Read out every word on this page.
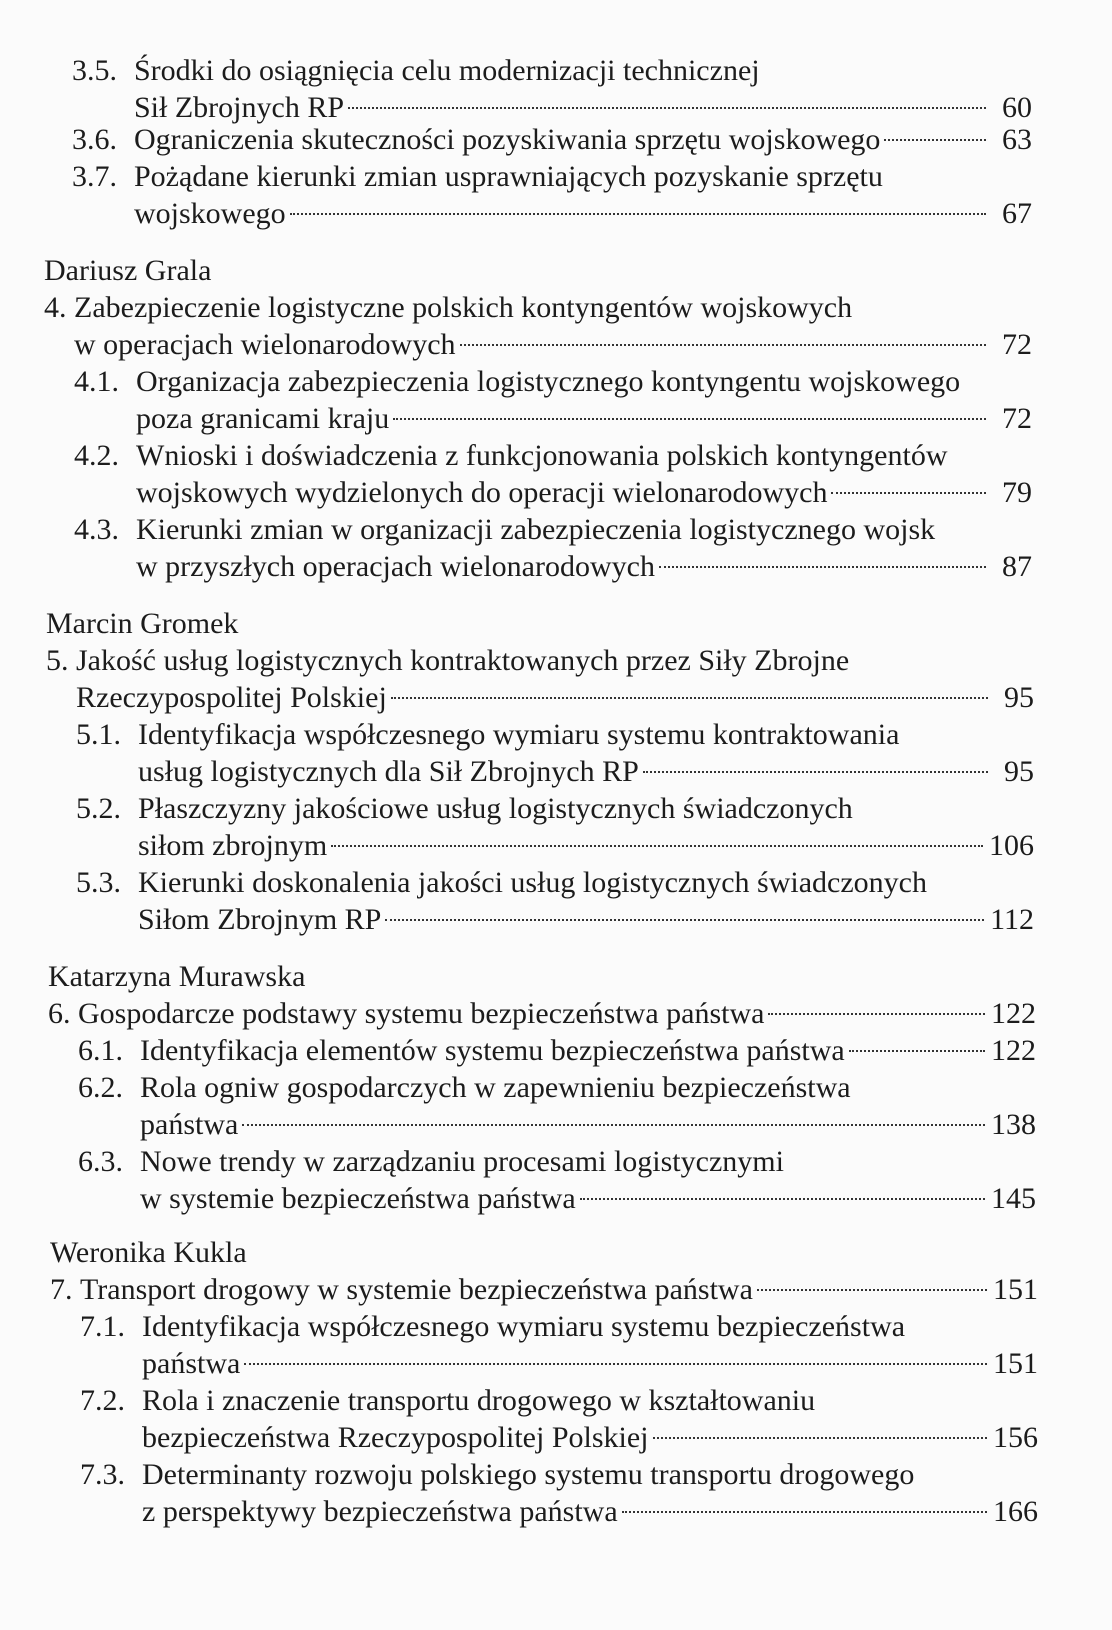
3.5. Środki do osiągnięcia celu modernizacji technicznej
Sił Zbrojnych RP	60
3.6. Ograniczenia skuteczności pozyskiwania sprzętu wojskowego	63
3.7. Pożądane kierunki zmian usprawniających pozyskanie sprzętu
wojskowego	67
Dariusz Grala
4. Zabezpieczenie logistyczne polskich kontyngentów wojskowych
w operacjach wielonarodowych	72
4.1. Organizacja zabezpieczenia logistycznego kontyngentu wojskowego
poza granicami kraju	72
4.2. Wnioski i doświadczenia z funkcjonowania polskich kontyngentów
wojskowych wydzielonych do operacji wielonarodowych	79
4.3. Kierunki zmian w organizacji zabezpieczenia logistycznego wojsk
w przyszłych operacjach wielonarodowych	87
Marcin Gromek
5. Jakość usług logistycznych kontraktowanych przez Siły Zbrojne
Rzeczypospolitej Polskiej	95
5.1. Identyfikacja współczesnego wymiaru systemu kontraktowania
usług logistycznych dla Sił Zbrojnych RP	95
5.2. Płaszczyzny jakościowe usług logistycznych świadczonych
siłom zbrojnym	106
5.3. Kierunki doskonalenia jakości usług logistycznych świadczonych
Siłom Zbrojnym RP	112
Katarzyna Murawska
6. Gospodarcze podstawy systemu bezpieczeństwa państwa	122
6.1. Identyfikacja elementów systemu bezpieczeństwa państwa	122
6.2. Rola ogniw gospodarczych w zapewnieniu bezpieczeństwa
państwa	138
6.3. Nowe trendy w zarządzaniu procesami logistycznymi
w systemie bezpieczeństwa państwa	145
Weronika Kukla
7. Transport drogowy w systemie bezpieczeństwa państwa	151
7.1. Identyfikacja współczesnego wymiaru systemu bezpieczeństwa
państwa	151
7.2. Rola i znaczenie transportu drogowego w kształtowaniu
bezpieczeństwa Rzeczypospolitej Polskiej	156
7.3. Determinanty rozwoju polskiego systemu transportu drogowego
z perspektywy bezpieczeństwa państwa	166
